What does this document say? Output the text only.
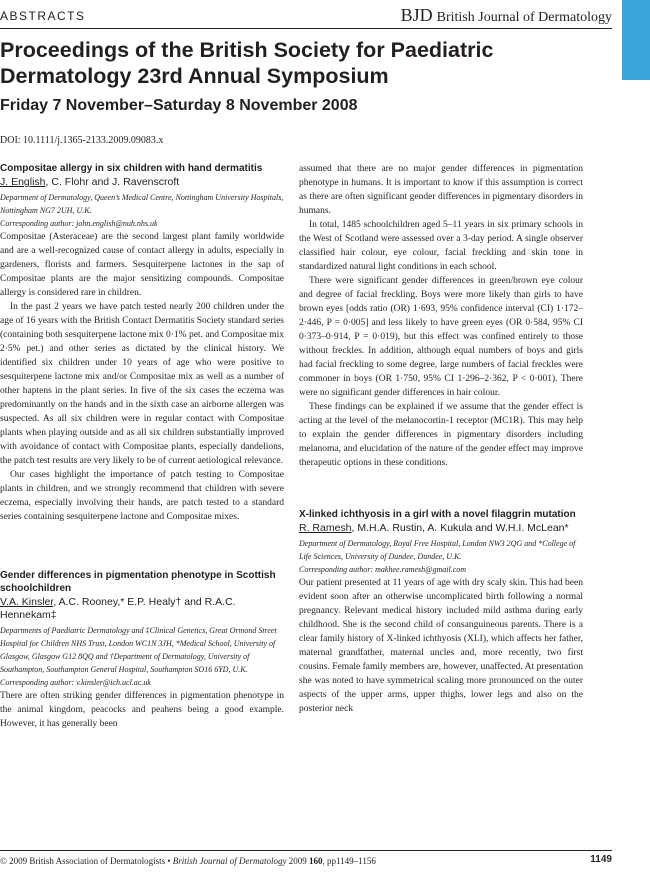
ABSTRACTS	BJD British Journal of Dermatology
Proceedings of the British Society for Paediatric Dermatology 23rd Annual Symposium
Friday 7 November–Saturday 8 November 2008
DOI: 10.1111/j.1365-2133.2009.09083.x
Compositae allergy in six children with hand dermatitis

J. English, C. Flohr and J. Ravenscroft

Department of Dermatology, Queen’s Medical Centre, Nottingham University Hospitals, Nottingham NG7 2UH, U.K.

Corresponding author: john.english@nuh.nhs.uk

Compositae (Asteraceae) are the second largest plant family worldwide and are a well-recognized cause of contact allergy in adults, especially in gardeners, florists and farmers. Sesquiterpene lactones in the sap of Compositae plants are the major sensitizing compounds. Compositae allergy is considered rare in children.

In the past 2 years we have patch tested nearly 200 children under the age of 16 years with the British Contact Dermatitis Society standard series (containing both sesquiterpene lactone mix 0·1% pet. and Compositae mix 2·5% pet.) and other series as dictated by the clinical history. We identified six children under 10 years of age who were positive to sesquiterpene lactone mix and/or Compositae mix as well as a number of other haptens in the plant series. In five of the six cases the eczema was predominantly on the hands and in the sixth case an airborne allergen was suspected. As all six children were in regular contact with Compositae plants when playing outside and as all six children substantially improved with avoidance of contact with Compositae plants, especially dandelions, the patch test results are very likely to be of current aetiological relevance.

Our cases highlight the importance of patch testing to Compositae plants in children, and we strongly recommend that children with severe eczema, especially involving their hands, are patch tested to a standard series containing sesquiterpene lactone and Compositae mixes.

Gender differences in pigmentation phenotype in Scottish schoolchildren

V.A. Kinsler, A.C. Rooney,* E.P. Healy† and R.A.C. Hennekam‡

Departments of Paediatric Dermatology and ‡Clinical Genetics, Great Ormond Street Hospital for Children NHS Trust, London WC1N 3JH, *Medical School, University of Glasgow, Glasgow G12 8QQ and †Department of Dermatology, University of Southampton, Southampton General Hospital, Southampton SO16 6YD, U.K.

Corresponding author: v.kinsler@ich.ucl.ac.uk

There are often striking gender differences in pigmentation phenotype in the animal kingdom, peacocks and peahens being a good example. However, it has generally been

assumed that there are no major gender differences in pigmentation phenotype in humans. It is important to know if this assumption is correct as there are often significant gender differences in pigmentary disorders in humans.

In total, 1485 schoolchildren aged 5–11 years in six primary schools in the West of Scotland were assessed over a 3-day period. A single observer classified hair colour, eye colour, facial freckling and skin tone in standardized natural light conditions in each school.

There were significant gender differences in green/brown eye colour and degree of facial freckling. Boys were more likely than girls to have brown eyes [odds ratio (OR) 1·693, 95% confidence interval (CI) 1·172–2·446, P = 0·005] and less likely to have green eyes (OR 0·584, 95% CI 0·373–0·914, P = 0·019), but this effect was confined entirely to those without freckles. In addition, although equal numbers of boys and girls had facial freckling to some degree, large numbers of facial freckles were commoner in boys (OR 1·750, 95% CI 1·296–2·362, P < 0·001). There were no significant gender differences in hair colour.

These findings can be explained if we assume that the gender effect is acting at the level of the melanocortin-1 receptor (MC1R). This may help to explain the gender differences in pigmentary disorders including melanoma, and elucidation of the nature of the gender effect may improve therapeutic options in these conditions.

X-linked ichthyosis in a girl with a novel filaggrin mutation

R. Ramesh, M.H.A. Rustin, A. Kukula and W.H.I. McLean*

Department of Dermatology, Royal Free Hospital, London NW3 2QG and *College of Life Sciences, University of Dundee, Dundee, U.K.

Corresponding author: makhee.ramesh@gmail.com

Our patient presented at 11 years of age with dry scaly skin. This had been evident soon after an otherwise uncomplicated birth following a normal pregnancy. Relevant medical history included mild asthma during early childhood. She is the second child of consanguineous parents. There is a clear family history of X-linked ichthyosis (XLI), which affects her father, maternal grandfather, maternal uncles and, more recently, two first cousins. Female family members are, however, unaffected. At presentation she was noted to have symmetrical scaling more pronounced on the outer aspects of the upper arms, upper thighs, lower legs and also on the posterior neck

© 2009 British Association of Dermatologists • British Journal of Dermatology 2009 160, pp1149–1156	1149
